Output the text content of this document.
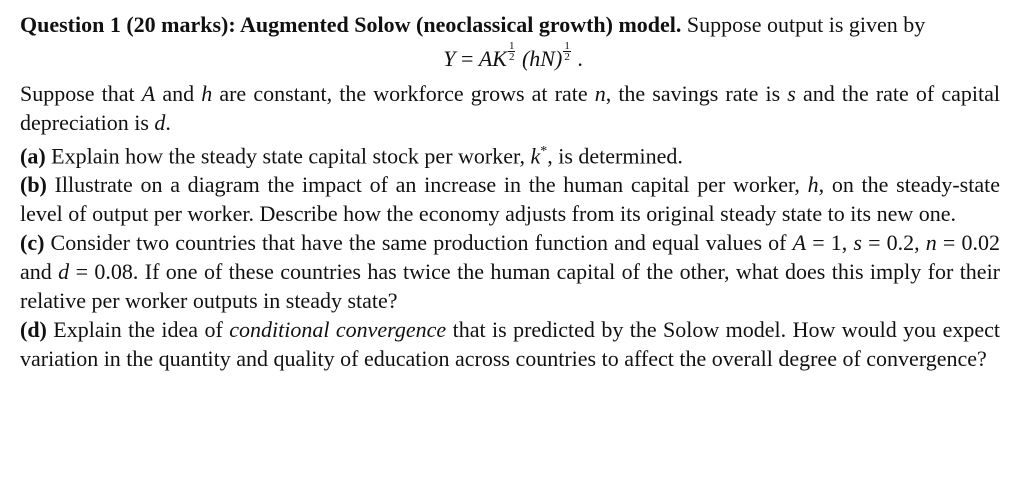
Question 1 (20 marks): Augmented Solow (neoclassical growth) model. Suppose output is given by

Y = AK $\frac{1}{2} (hN) \frac{1}{2}$ .

Suppose that A and h are constant, the workforce grows at rate n, the savings rate is s and the rate of capital depreciation is d.

(a) Explain how the steady state capital stock per worker, k*, is determined.

(b) Illustrate on a diagram the impact of an increase in the human capital per worker, h, on the steady-state level of output per worker. Describe how the economy adjusts from its original steady state to its new one.

(c) Consider two countries that have the same production function and equal values of A = 1, s = 0.2, n = 0.02 and d = 0.08. If one of these countries has twice the human capital of the other, what does this imply for their relative per worker outputs in steady state?

(d) Explain the idea of conditional convergence that is predicted by the Solow model. How would you expect variation in the quantity and quality of education across countries to affect the overall degree of convergence?
